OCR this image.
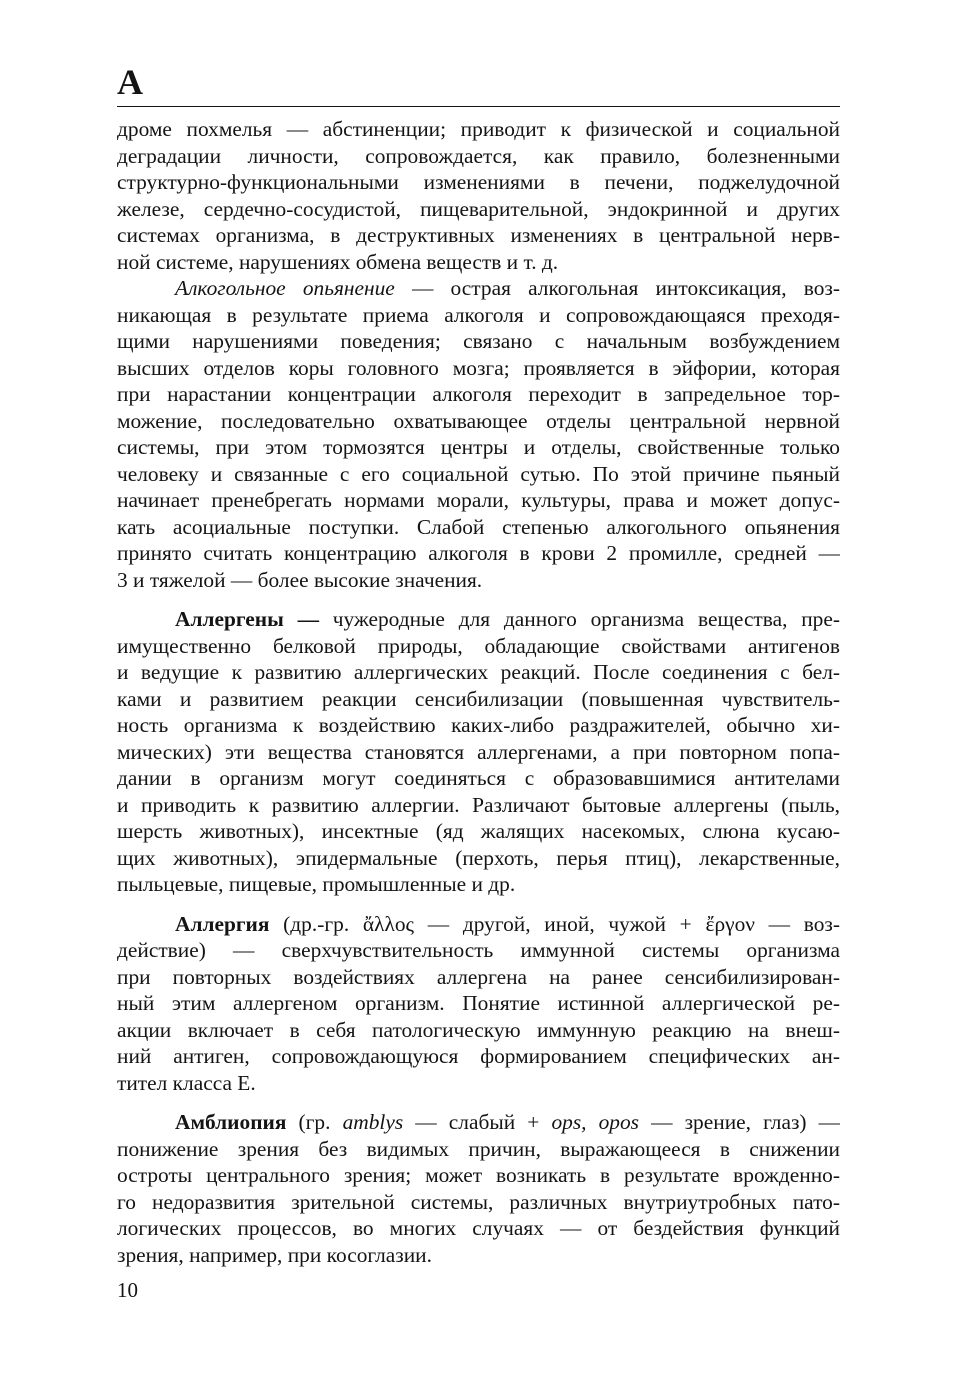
А

дроме похмелья — абстиненции; приводит к физической и социальной
деградации личности, сопровождается, как правило, болезненными
структурно-функциональными изменениями в печени, поджелудочной
железе, сердечно-сосудистой, пищеварительной, эндокринной и других
системах организма, в деструктивных изменениях в центральной нерв-
ной системе, нарушениях обмена веществ и т. д.

Алкогольное опьянение — острая алкогольная интоксикация, воз-
никающая в результате приема алкоголя и сопровождающаяся преходя-
щими нарушениями поведения; связано с начальным возбуждением
высших отделов коры головного мозга; проявляется в эйфории, которая
при нарастании концентрации алкоголя переходит в запредельное тор-
можение, последовательно охватывающее отделы центральной нервной
системы, при этом тормозятся центры и отделы, свойственные только
человеку и связанные с его социальной сутью. По этой причине пьяный
начинает пренебрегать нормами морали, культуры, права и может допус-
кать асоциальные поступки. Слабой степенью алкогольного опьянения
принято считать концентрацию алкоголя в крови 2 промилле, средней —
3 и тяжелой — более высокие значения.

Аллергены — чужеродные для данного организма вещества, пре-
имущественно белковой природы, обладающие свойствами антигенов
и ведущие к развитию аллергических реакций. После соединения с бел-
ками и развитием реакции сенсибилизации (повышенная чувствитель-
ность организма к воздействию каких-либо раздражителей, обычно хи-
мических) эти вещества становятся аллергенами, а при повторном попа-
дании в организм могут соединяться с образовавшимися антителами
и приводить к развитию аллергии. Различают бытовые аллергены (пыль,
шерсть животных), инсектные (яд жалящих насекомых, слюна кусаю-
щих животных), эпидермальные (перхоть, перья птиц), лекарственные,
пыльцевые, пищевые, промышленные и др.

Аллергия (др.-гр. ἄλλος — другой, иной, чужой + ἔργον — воз-
действие) — сверхчувствительность иммунной системы организма
при повторных воздействиях аллергена на ранее сенсибилизирован-
ный этим аллергеном организм. Понятие истинной аллергической ре-
акции включает в себя патологическую иммунную реакцию на внеш-
ний антиген, сопровождающуюся формированием специфических ан-
тител класса Е.

Амблиопия (гр. amblys — слабый + ops, opos — зрение, глаз) —
понижение зрения без видимых причин, выражающееся в снижении
остроты центрального зрения; может возникать в результате врожденно-
го недоразвития зрительной системы, различных внутриутробных пато-
логических процессов, во многих случаях — от бездействия функций
зрения, например, при косоглазии.

10
